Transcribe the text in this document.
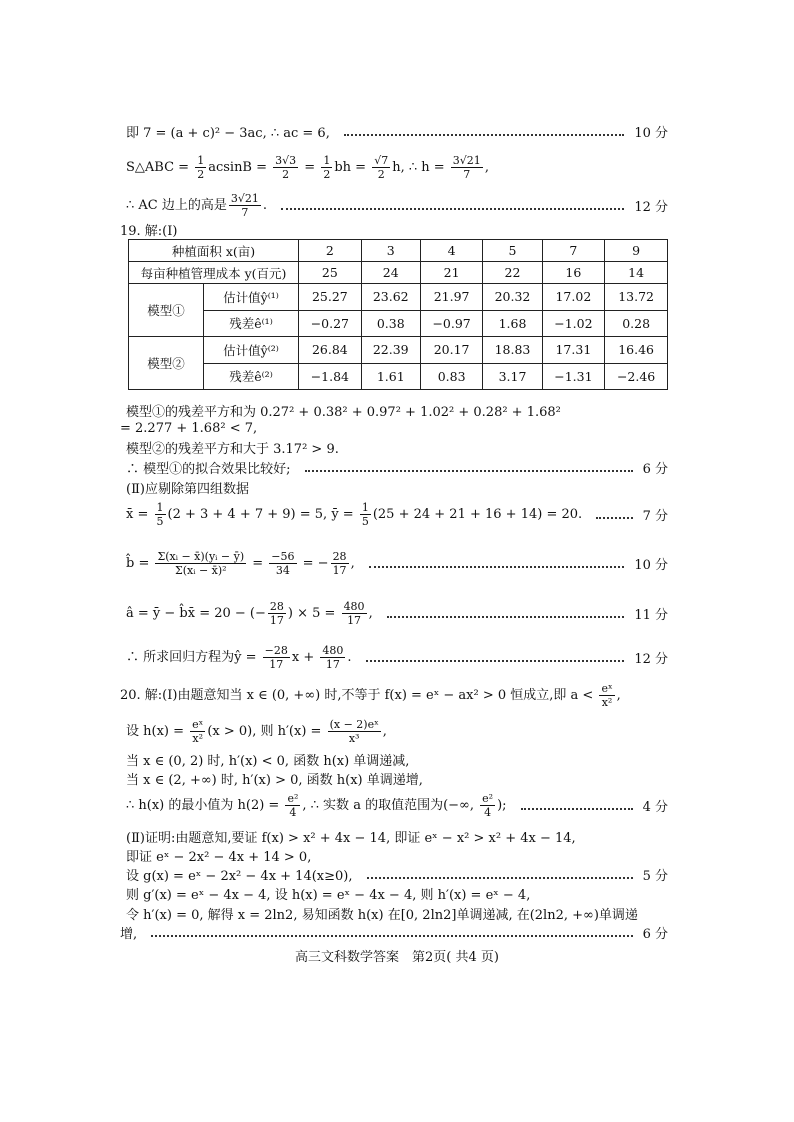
即 7 = (a + c)² − 3ac, ∴ ac = 6,	10 分
S△ABC = $\frac{1}{2}$ $acsinB = \frac{3√3}{2} = \frac{1}{2}$ bh = $\frac{√7}{2} h$, ∴ $h = \frac{3√21}{7}$ ,
∴ AC 边上的高是 $\frac{3√21}{7}$ .	12 分
19. 解:(Ⅰ)
种植面积 x(亩)		2	3	4	5	7	9
每亩种植管理成本 y(百元)		25	24	21	22	16	14
模型①	估计值ŷ⁽¹⁾	25.27	23.62	21.97	20.32	17.02	13.72
	残差ê⁽¹⁾	−0.27	0.38	−0.97	1.68	−1.02	0.28
模型②	估计值ŷ⁽²⁾	26.84	22.39	20.17	18.83	17.31	16.46
	残差ê⁽²⁾	−1.84	1.61	0.83	3.17	−1.31	−2.46
模型①的残差平方和为 0.27² + 0.38² + 0.97² + 1.02² + 0.28² + 1.68²
= 2.277 + 1.68² < 7,
模型②的残差平方和大于 3.17² > 9.
∴ 模型①的拟合效果比较好;	6 分
(Ⅱ)应剔除第四组数据
x̄ = $\frac{1}{5} (2 + 3 + 4 + 7 + 9) = 5$, ȳ = $\frac{1}{5} (25 + 24 + 21 + 16 + 14) = 20$.	7 分
b̂ = $\frac{\text{Σ(xᵢ − x̄)(yᵢ − ȳ)}}{\text{Σ(xᵢ − x̄)²}} = \frac{-56}{34}$ = − $\frac{28}{17}$ ,	10 分
â = ȳ − b̂x̄ = 20 − (− $\frac{28}{17}$ ) × $5 = \frac{480}{17}$ ,	11 分
∴ 所求回归方程为ŷ = $\frac{-28}{17}$ $x + \frac{480}{17}$ .	12 分
20. 解:(Ⅰ)由题意知当 x ∈ (0, +∞) 时,不等于 f(x) = eˣ − ax² > 0 恒成立,即 $a < \frac{\text{eˣ}}{\text{x²}}$ ,
设 $h(x) = \frac{\text{eˣ}}{\text{x²}} (x > 0)$, 则 $h'(x) = \frac{\text{(x − 2)eˣ}}{\text{x³}}$ ,
当 x ∈ (0, 2) 时, h′(x) < 0, 函数 h(x) 单调递减,
当 x ∈ (2, +∞) 时, h′(x) > 0, 函数 h(x) 单调递增,
∴ h(x) 的最小值为 $h(2) = \frac{\text{e²}}{4}$ , ∴ 实数 a 的取值范围为(−∞, $\frac{\text{e²}}{4}$ );	4 分
(Ⅱ)证明:由题意知,要证 f(x) > x² + 4x − 14, 即证 eˣ − x² > x² + 4x − 14,
即证 eˣ − 2x² − 4x + 14 > 0,
设 g(x) = eˣ − 2x² − 4x + 14(x≥0),	5 分
则 g′(x) = eˣ − 4x − 4, 设 h(x) = eˣ − 4x − 4, 则 h′(x) = eˣ − 4,
令 h′(x) = 0, 解得 x = 2ln2, 易知函数 h(x) 在[0, 2ln2]单调递减, 在(2ln2, +∞)单调递
增,	6 分
高三文科数学答案　第2页( 共4 页)
